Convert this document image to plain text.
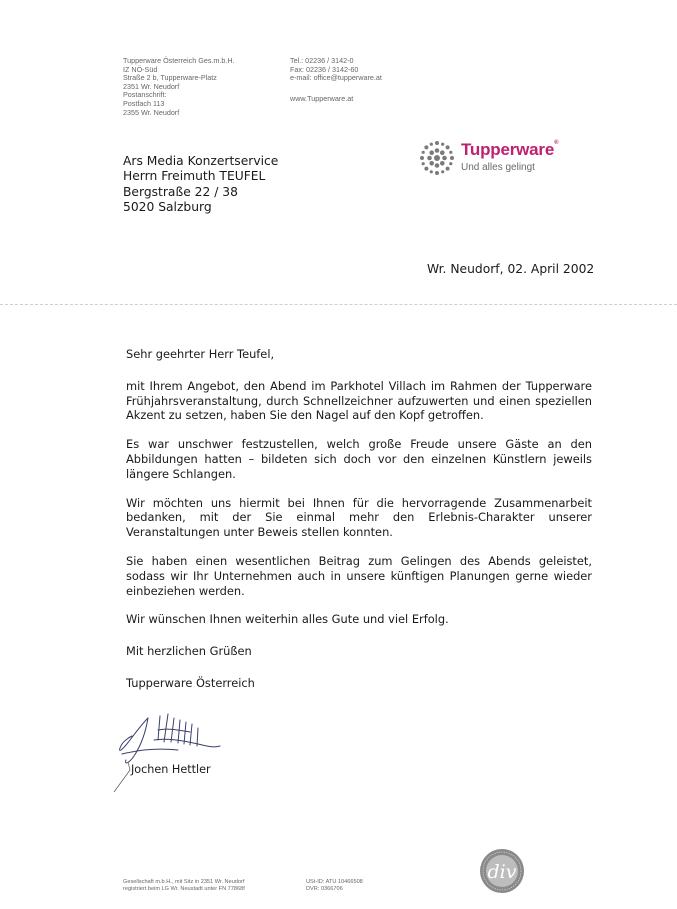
Tupperware Österreich Ges.m.b.H.
IZ NÖ-Süd
Straße 2 b, Tupperware-Platz
2351 Wr. Neudorf
Postanschrift:
Postfach 113
2355 Wr. Neudorf
Tel.: 02236 / 3142-0
Fax: 02236 / 3142-60
e-mail: office@tupperware.at
www.Tupperware.at
Tupperware®
Und alles gelingt
Ars Media Konzertservice
Herrn Freimuth TEUFEL
Bergstraße 22 / 38
5020 Salzburg
Wr. Neudorf, 02. April 2002

Sehr geehrter Herr Teufel,

mit Ihrem Angebot, den Abend im Parkhotel Villach im Rahmen der Tupperware Frühjahrsveranstaltung, durch Schnellzeichner aufzuwerten und einen speziellen Akzent zu setzen, haben Sie den Nagel auf den Kopf getroffen.

Es war unschwer festzustellen, welch große Freude unsere Gäste an den Abbildungen hatten – bildeten sich doch vor den einzelnen Künstlern jeweils längere Schlangen.

Wir möchten uns hiermit bei Ihnen für die hervorragende Zusammenarbeit bedanken, mit der Sie einmal mehr den Erlebnis-Charakter unserer Veranstaltungen unter Beweis stellen konnten.

Sie haben einen wesentlichen Beitrag zum Gelingen des Abends geleistet, sodass wir Ihr Unternehmen auch in unsere künftigen Planungen gerne wieder einbeziehen werden.

Wir wünschen Ihnen weiterhin alles Gute und viel Erfolg.

Mit herzlichen Grüßen

Tupperware Österreich

Jochen Hettler
Gesellschaft m.b.H., mit Sitz in 2351 Wr. Neudorf
registriert beim LG Wr. Neustadt unter FN 77868f
USt-ID: ATU 10466508
DVR: 0366706
div
